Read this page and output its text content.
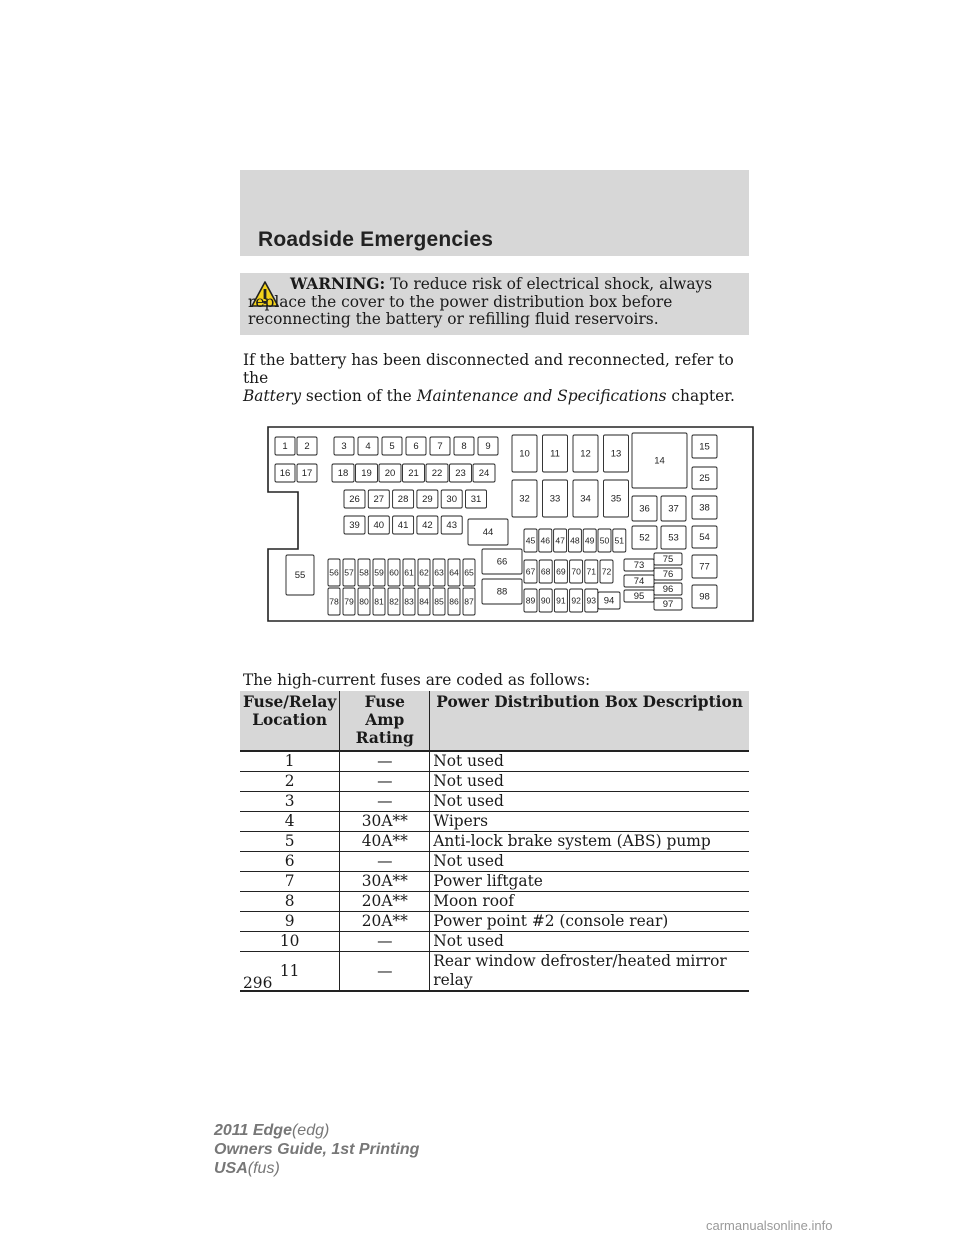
Roadside Emergencies
WARNING: To reduce risk of electrical shock, always replace the cover to the power distribution box before reconnecting the battery or refilling fluid reservoirs.
If the battery has been disconnected and reconnected, refer to the
Battery section of the Maintenance and Specifications chapter.
1 2	3 4 5 6 7 8 9
10 11 12 13
14
15
16 17	18 19 20 21 22 23 24	25
26 27 28 29 30 31	32 33 34 35
36 37 38
39 40 41 42 43
44
45 46 47 48 49 50 51 52 53 54
55	56 57 58 59 60 61 62 63 64 65
66
67 68 69 70 71 72
73
74
75
76
77
78 79 80 81 82 83 84 85 86 87
88
89 90 91 92 93 94 95
96
97
98
The high-current fuses are coded as follows:
Fuse/Relay Location	Fuse Amp Rating	Power Distribution Box Description
1	—	Not used
2	—	Not used
3	—	Not used
4	30A**	Wipers
5	40A**	Anti-lock brake system (ABS) pump
6	—	Not used
7	30A**	Power liftgate
8	20A**	Moon roof
9	20A**	Power point #2 (console rear)
10	—	Not used
11	—	Rear window defroster/heated mirror relay
296
2011 Edge(edg)
Owners Guide, 1st Printing
USA(fus)
carmanualsonline.info
